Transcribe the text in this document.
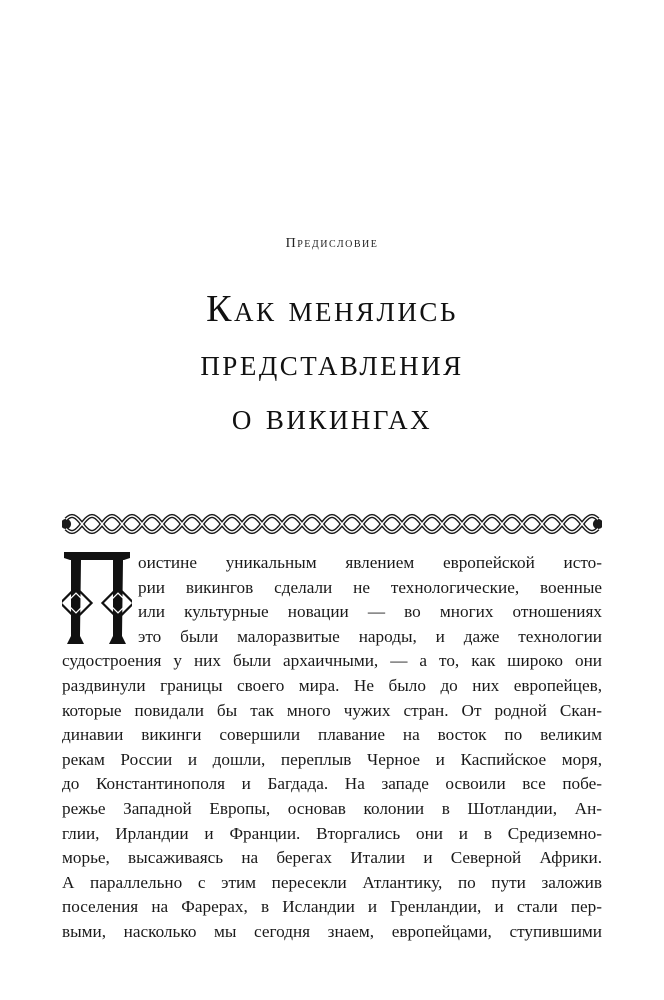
Предисловие
Как менялись
представления
о викингах
оистине уникальным явлением европейской исто-
рии викингов сделали не технологические, военные
или культурные новации — во многих отношениях
это были малоразвитые народы, и даже технологии
судостроения у них были архаичными, — а то, как широко они
раздвинули границы своего мира. Не было до них европейцев,
которые повидали бы так много чужих стран. От родной Скан-
динавии викинги совершили плавание на восток по великим
рекам России и дошли, переплыв Черное и Каспийское моря,
до Константинополя и Багдада. На западе освоили все побе-
режье Западной Европы, основав колонии в Шотландии, Ан-
глии, Ирландии и Франции. Вторгались они и в Средиземно-
морье, высаживаясь на берегах Италии и Северной Африки.
А параллельно с этим пересекли Атлантику, по пути заложив
поселения на Фарерах, в Исландии и Гренландии, и стали пер-
выми, насколько мы сегодня знаем, европейцами, ступившими
